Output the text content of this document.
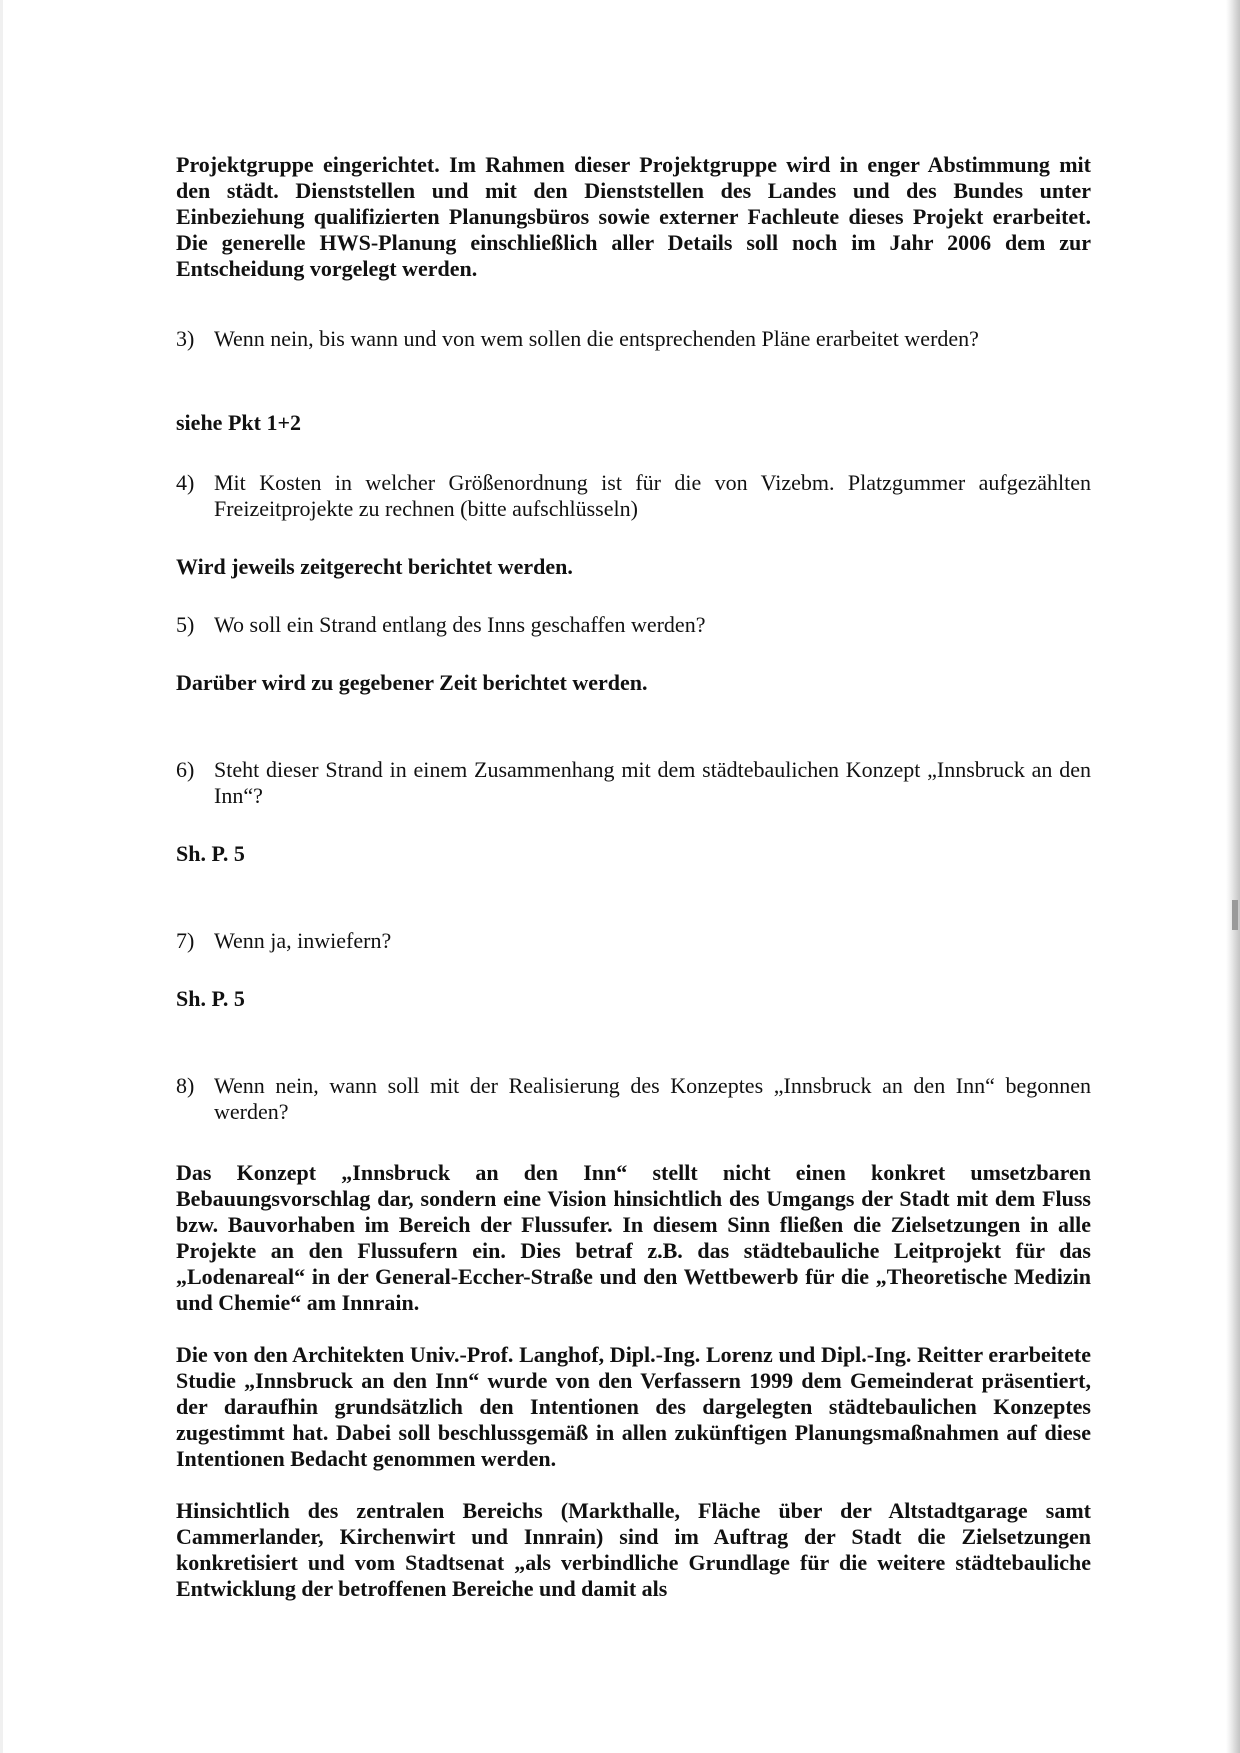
Projektgruppe eingerichtet. Im Rahmen dieser Projektgruppe wird in enger Abstimmung mit den städt. Dienststellen und mit den Dienststellen des Landes und des Bundes unter Einbeziehung qualifizierten Planungsbüros sowie externer Fachleute dieses Projekt erarbeitet. Die generelle HWS-Planung einschließlich aller Details soll noch im Jahr 2006 dem zur Entscheidung vorgelegt werden.

3) Wenn nein, bis wann und von wem sollen die entsprechenden Pläne erarbeitet werden?

siehe Pkt 1+2

4) Mit Kosten in welcher Größenordnung ist für die von Vizebm. Platzgummer aufgezählten Freizeitprojekte zu rechnen (bitte aufschlüsseln)

Wird jeweils zeitgerecht berichtet werden.

5) Wo soll ein Strand entlang des Inns geschaffen werden?

Darüber wird zu gegebener Zeit berichtet werden.

6) Steht dieser Strand in einem Zusammenhang mit dem städtebaulichen Konzept „Innsbruck an den Inn“?

Sh. P. 5

7) Wenn ja, inwiefern?

Sh. P. 5

8) Wenn nein, wann soll mit der Realisierung des Konzeptes „Innsbruck an den Inn“ begonnen werden?

Das Konzept „Innsbruck an den Inn“ stellt nicht einen konkret umsetzbaren Bebauungsvorschlag dar, sondern eine Vision hinsichtlich des Umgangs der Stadt mit dem Fluss bzw. Bauvorhaben im Bereich der Flussufer. In diesem Sinn fließen die Zielsetzungen in alle Projekte an den Flussufern ein. Dies betraf z.B. das städtebauliche Leitprojekt für das „Lodenareal“ in der General-Eccher-Straße und den Wettbewerb für die „Theoretische Medizin und Chemie“ am Innrain.

Die von den Architekten Univ.-Prof. Langhof, Dipl.-Ing. Lorenz und Dipl.-Ing. Reitter erarbeitete Studie „Innsbruck an den Inn“ wurde von den Verfassern 1999 dem Gemeinderat präsentiert, der daraufhin grundsätzlich den Intentionen des dargelegten städtebaulichen Konzeptes zugestimmt hat. Dabei soll beschlussgemäß in allen zukünftigen Planungsmaßnahmen auf diese Intentionen Bedacht genommen werden.

Hinsichtlich des zentralen Bereichs (Markthalle, Fläche über der Altstadtgarage samt Cammerlander, Kirchenwirt und Innrain) sind im Auftrag der Stadt die Zielsetzungen konkretisiert und vom Stadtsenat „als verbindliche Grundlage für die weitere städtebauliche Entwicklung der betroffenen Bereiche und damit als
